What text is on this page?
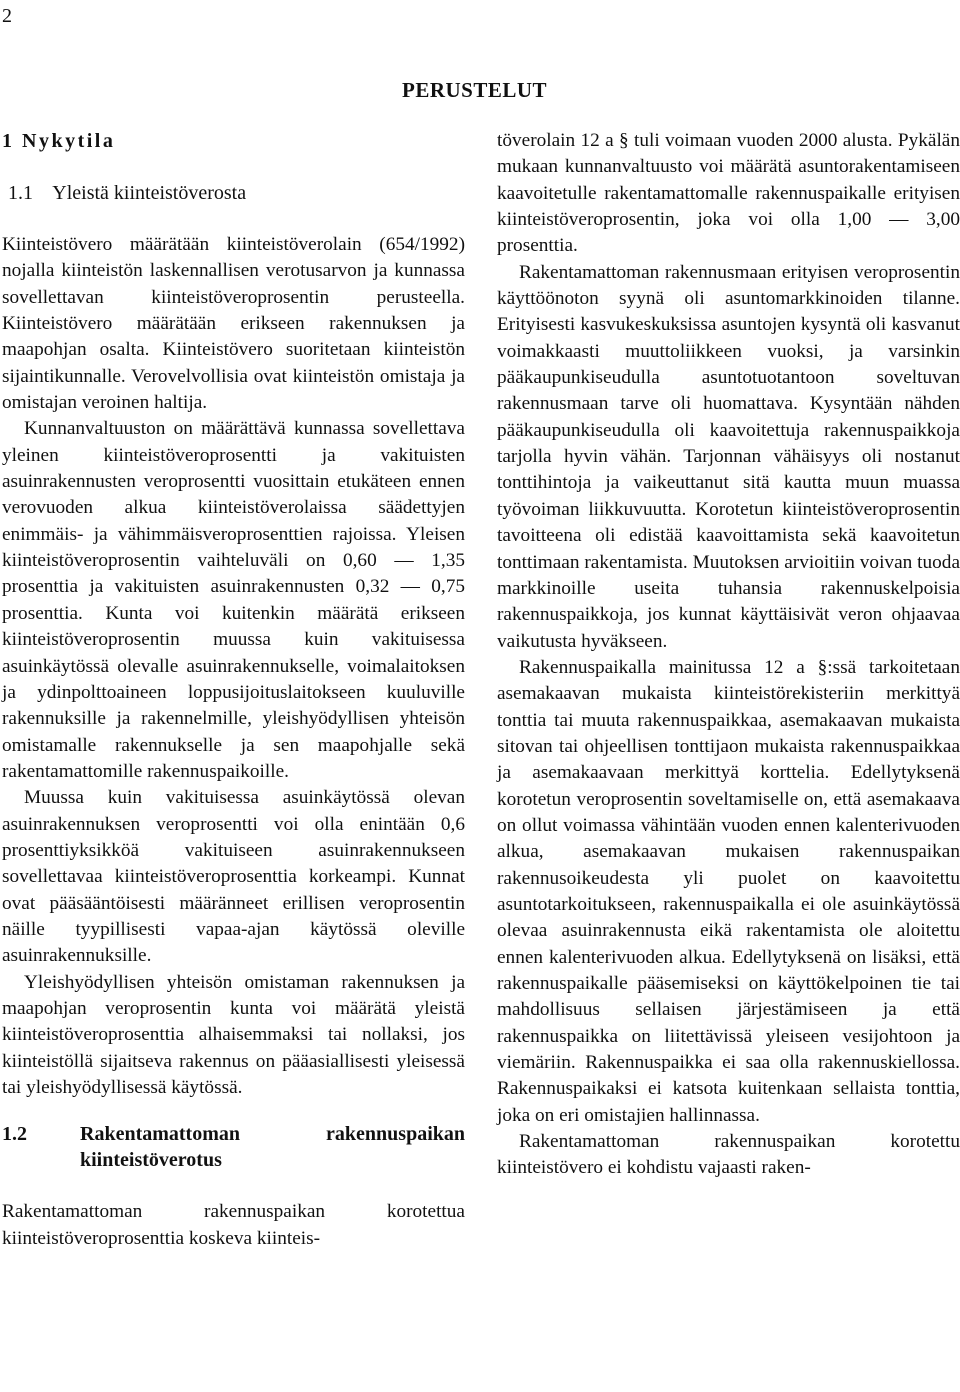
2
PERUSTELUT
1 Nykytila
1.1 Yleistä kiinteistöverosta

Kiinteistövero määrätään kiinteistöverolain (654/1992) nojalla kiinteistön laskennallisen verotusarvon ja kunnassa sovellettavan kiinteistöveroprosentin perusteella. Kiinteistövero määrätään erikseen rakennuksen ja maapohjan osalta. Kiinteistövero suoritetaan kiinteistön sijaintikunnalle. Verovelvollisia ovat kiinteistön omistaja ja omistajan veroinen haltija.

Kunnanvaltuuston on määrättävä kunnassa sovellettava yleinen kiinteistöveroprosentti ja vakituisten asuinrakennusten veroprosentti vuosittain etukäteen ennen verovuoden alkua kiinteistöverolaissa säädettyjen enimmäis- ja vähimmäisveroprosenttien rajoissa. Yleisen kiinteistöveroprosentin vaihteluväli on 0,60 — 1,35 prosenttia ja vakituisten asuinrakennusten 0,32 — 0,75 prosenttia. Kunta voi kuitenkin määrätä erikseen kiinteistöveroprosentin muussa kuin vakituisessa asuinkäytössä olevalle asuinrakennukselle, voimalaitoksen ja ydinpolttoaineen loppusijoituslaitokseen kuuluville rakennuksille ja rakennelmille, yleishyödyllisen yhteisön omistamalle rakennukselle ja sen maapohjalle sekä rakentamattomille rakennuspaikoille.

Muussa kuin vakituisessa asuinkäytössä olevan asuinrakennuksen veroprosentti voi olla enintään 0,6 prosenttiyksikköä vakituiseen asuinrakennukseen sovellettavaa kiinteistöveroprosenttia korkeampi. Kunnat ovat pääsääntöisesti määränneet erillisen veroprosentin näille tyypillisesti vapaa-ajan käytössä oleville asuinrakennuksille.

Yleishyödyllisen yhteisön omistaman rakennuksen ja maapohjan veroprosentin kunta voi määrätä yleistä kiinteistöveroprosenttia alhaisemmaksi tai nollaksi, jos kiinteistöllä sijaitseva rakennus on pääasiallisesti yleisessä tai yleishyödyllisessä käytössä.

1.2	Rakentamattoman rakennuspaikan kiinteistöverotus

Rakentamattoman rakennuspaikan korotettua kiinteistöveroprosenttia koskeva kiinteis-

töverolain 12 a § tuli voimaan vuoden 2000 alusta. Pykälän mukaan kunnanvaltuusto voi määrätä asuntorakentamiseen kaavoitetulle rakentamattomalle rakennuspaikalle erityisen kiinteistöveroprosentin, joka voi olla 1,00 — 3,00 prosenttia.

Rakentamattoman rakennusmaan erityisen veroprosentin käyttöönoton syynä oli asuntomarkkinoiden tilanne. Erityisesti kasvukeskuksissa asuntojen kysyntä oli kasvanut voimakkaasti muuttoliikkeen vuoksi, ja varsinkin pääkaupunkiseudulla asuntotuotantoon soveltuvan rakennusmaan tarve oli huomattava. Kysyntään nähden pääkaupunkiseudulla oli kaavoitettuja rakennuspaikkoja tarjolla hyvin vähän. Tarjonnan vähäisyys oli nostanut tonttihintoja ja vaikeuttanut sitä kautta muun muassa työvoiman liikkuvuutta. Korotetun kiinteistöveroprosentin tavoitteena oli edistää kaavoittamista sekä kaavoitetun tonttimaan rakentamista. Muutoksen arvioitiin voivan tuoda markkinoille useita tuhansia rakennuskelpoisia rakennuspaikkoja, jos kunnat käyttäisivät veron ohjaavaa vaikutusta hyväkseen.

Rakennuspaikalla mainitussa 12 a §:ssä tarkoitetaan asemakaavan mukaista kiinteistörekisteriin merkittyä tonttia tai muuta rakennuspaikkaa, asemakaavan mukaista sitovan tai ohjeellisen tonttijaon mukaista rakennuspaikkaa ja asemakaavaan merkittyä korttelia. Edellytyksenä korotetun veroprosentin soveltamiselle on, että asemakaava on ollut voimassa vähintään vuoden ennen kalenterivuoden alkua, asemakaavan mukaisen rakennuspaikan rakennusoikeudesta yli puolet on kaavoitettu asuntotarkoitukseen, rakennuspaikalla ei ole asuinkäytössä olevaa asuinrakennusta eikä rakentamista ole aloitettu ennen kalenterivuoden alkua. Edellytyksenä on lisäksi, että rakennuspaikalle pääsemiseksi on käyttökelpoinen tie tai mahdollisuus sellaisen järjestämiseen ja että rakennuspaikka on liitettävissä yleiseen vesijohtoon ja viemäriin. Rakennuspaikka ei saa olla rakennuskiellossa. Rakennuspaikaksi ei katsota kuitenkaan sellaista tonttia, joka on eri omistajien hallinnassa.

Rakentamattoman rakennuspaikan korotettu kiinteistövero ei kohdistu vajaasti raken-
